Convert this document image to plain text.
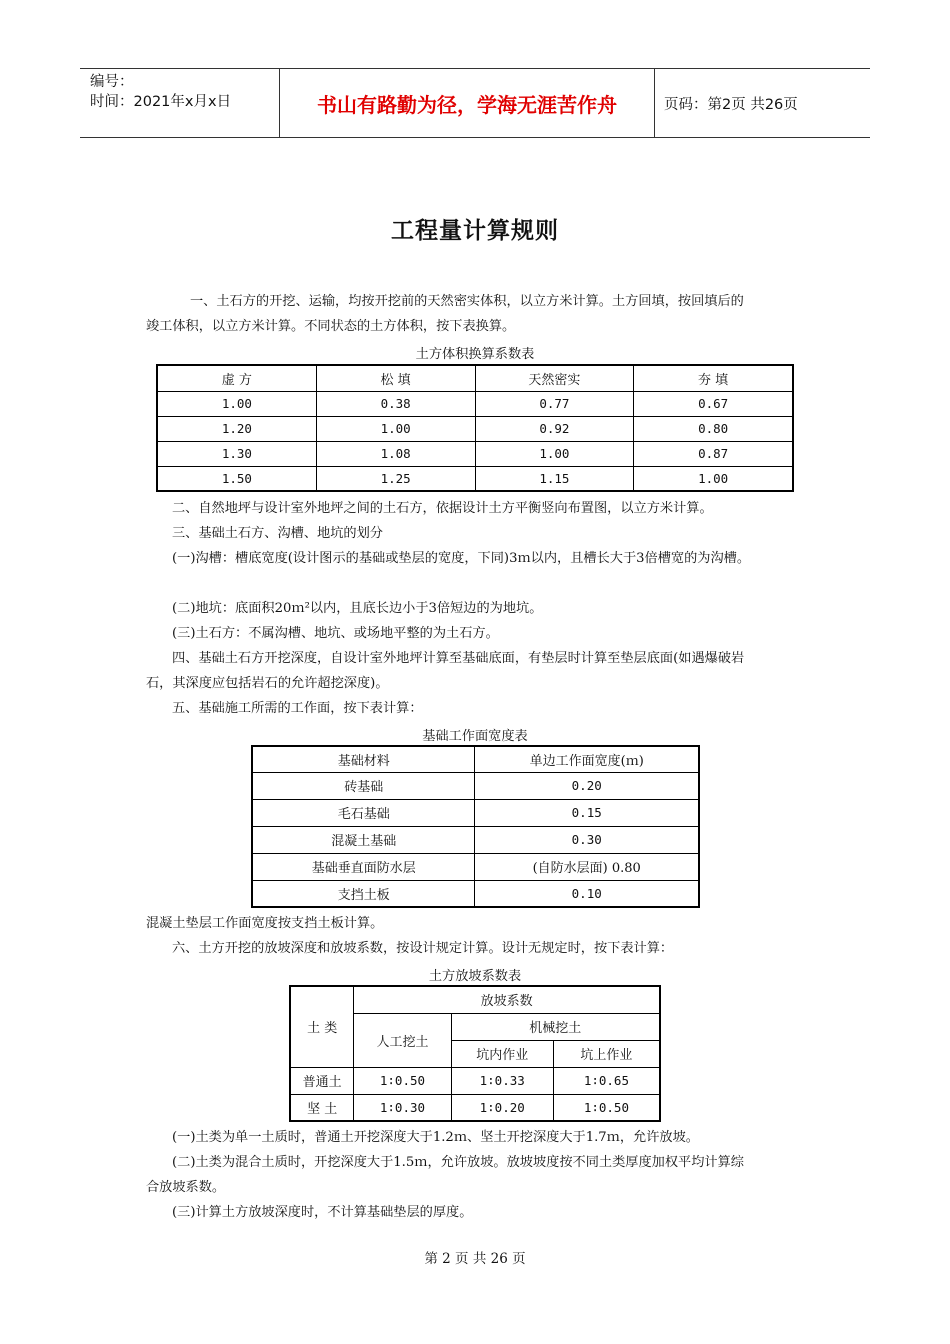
编号：
时间：2021年x月x日	书山有路勤为径，学海无涯苦作舟	页码：第2页 共26页
工程量计算规则
一、土石方的开挖、运输，均按开挖前的天然密实体积，以立方米计算。土方回填，按回填后的
竣工体积，以立方米计算。不同状态的土方体积，按下表换算。
土方体积换算系数表
虚 方	松 填	天然密实	夯 填
1.00	0.38	0.77	0.67
1.20	1.00	0.92	0.80
1.30	1.08	1.00	0.87
1.50	1.25	1.15	1.00
二、自然地坪与设计室外地坪之间的土石方，依据设计土方平衡竖向布置图，以立方米计算。
三、基础土石方、沟槽、地坑的划分
(一)沟槽：槽底宽度(设计图示的基础或垫层的宽度，下同)3ｍ以内，且槽长大于3倍槽宽的为沟槽。
(二)地坑：底面积20ｍ²以内，且底长边小于3倍短边的为地坑。
(三)土石方：不属沟槽、地坑、或场地平整的为土石方。
四、基础土石方开挖深度，自设计室外地坪计算至基础底面，有垫层时计算至垫层底面(如遇爆破岩
石，其深度应包括岩石的允许超挖深度)。
五、基础施工所需的工作面，按下表计算：
基础工作面宽度表
基础材料	单边工作面宽度(ｍ)
砖基础	0.20
毛石基础	0.15
混凝土基础	0.30
基础垂直面防水层	(自防水层面) 0.80
支挡土板	0.10
混凝土垫层工作面宽度按支挡土板计算。
六、土方开挖的放坡深度和放坡系数，按设计规定计算。设计无规定时，按下表计算：
土方放坡系数表
土 类	放坡系数		
	人工挖土	机械挖土	
		坑内作业	坑上作业
普通土	1∶0.50	1∶0.33	1∶0.65
坚 土	1∶0.30	1∶0.20	1∶0.50
(一)土类为单一土质时，普通土开挖深度大于1.2ｍ、坚土开挖深度大于1.7ｍ，允许放坡。
(二)土类为混合土质时，开挖深度大于1.5ｍ，允许放坡。放坡坡度按不同土类厚度加权平均计算综
合放坡系数。
(三)计算土方放坡深度时，不计算基础垫层的厚度。
第 2 页 共 26 页
